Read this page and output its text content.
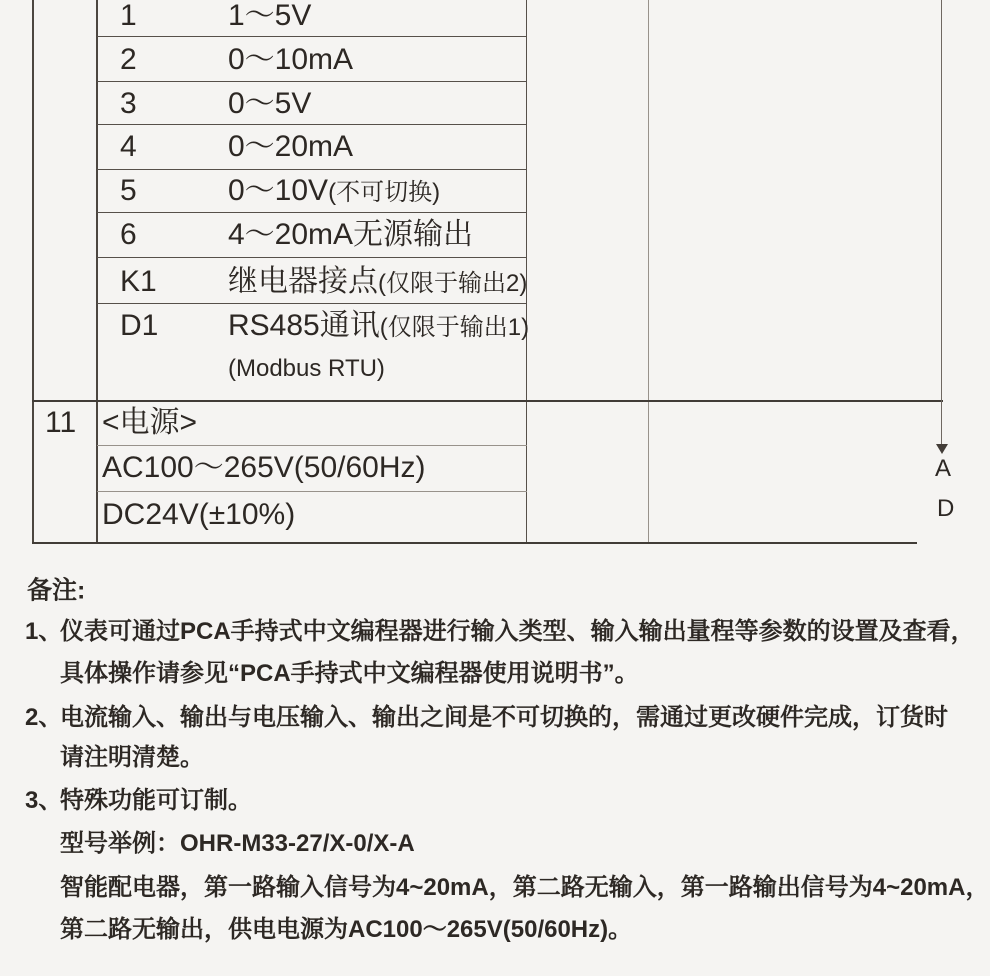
1	1～5V
2	0～10mA
3	0～5V
4	0～20mA
5	0～10V(不可切换)
6	4～20mA无源输出
K1 继电器接点(仅限于输出2)
D1 RS485通讯(仅限于输出1)
(Modbus RTU)
11 <电源>
AC100～265V(50/60Hz)
DC24V(±10%)
A
D
备注:
1、仪表可通过PCA手持式中文编程器进行输入类型、输入输出量程等参数的设置及查看，
具体操作请参见“PCA手持式中文编程器使用说明书”。
2、电流输入、输出与电压输入、输出之间是不可切换的，需通过更改硬件完成，订货时
请注明清楚。
3、特殊功能可订制。
型号举例：OHR-M33-27/X-0/X-A
智能配电器，第一路输入信号为4~20mA，第二路无输入，第一路输出信号为4~20mA，
第二路无输出，供电电源为AC100～265V(50/60Hz)。
